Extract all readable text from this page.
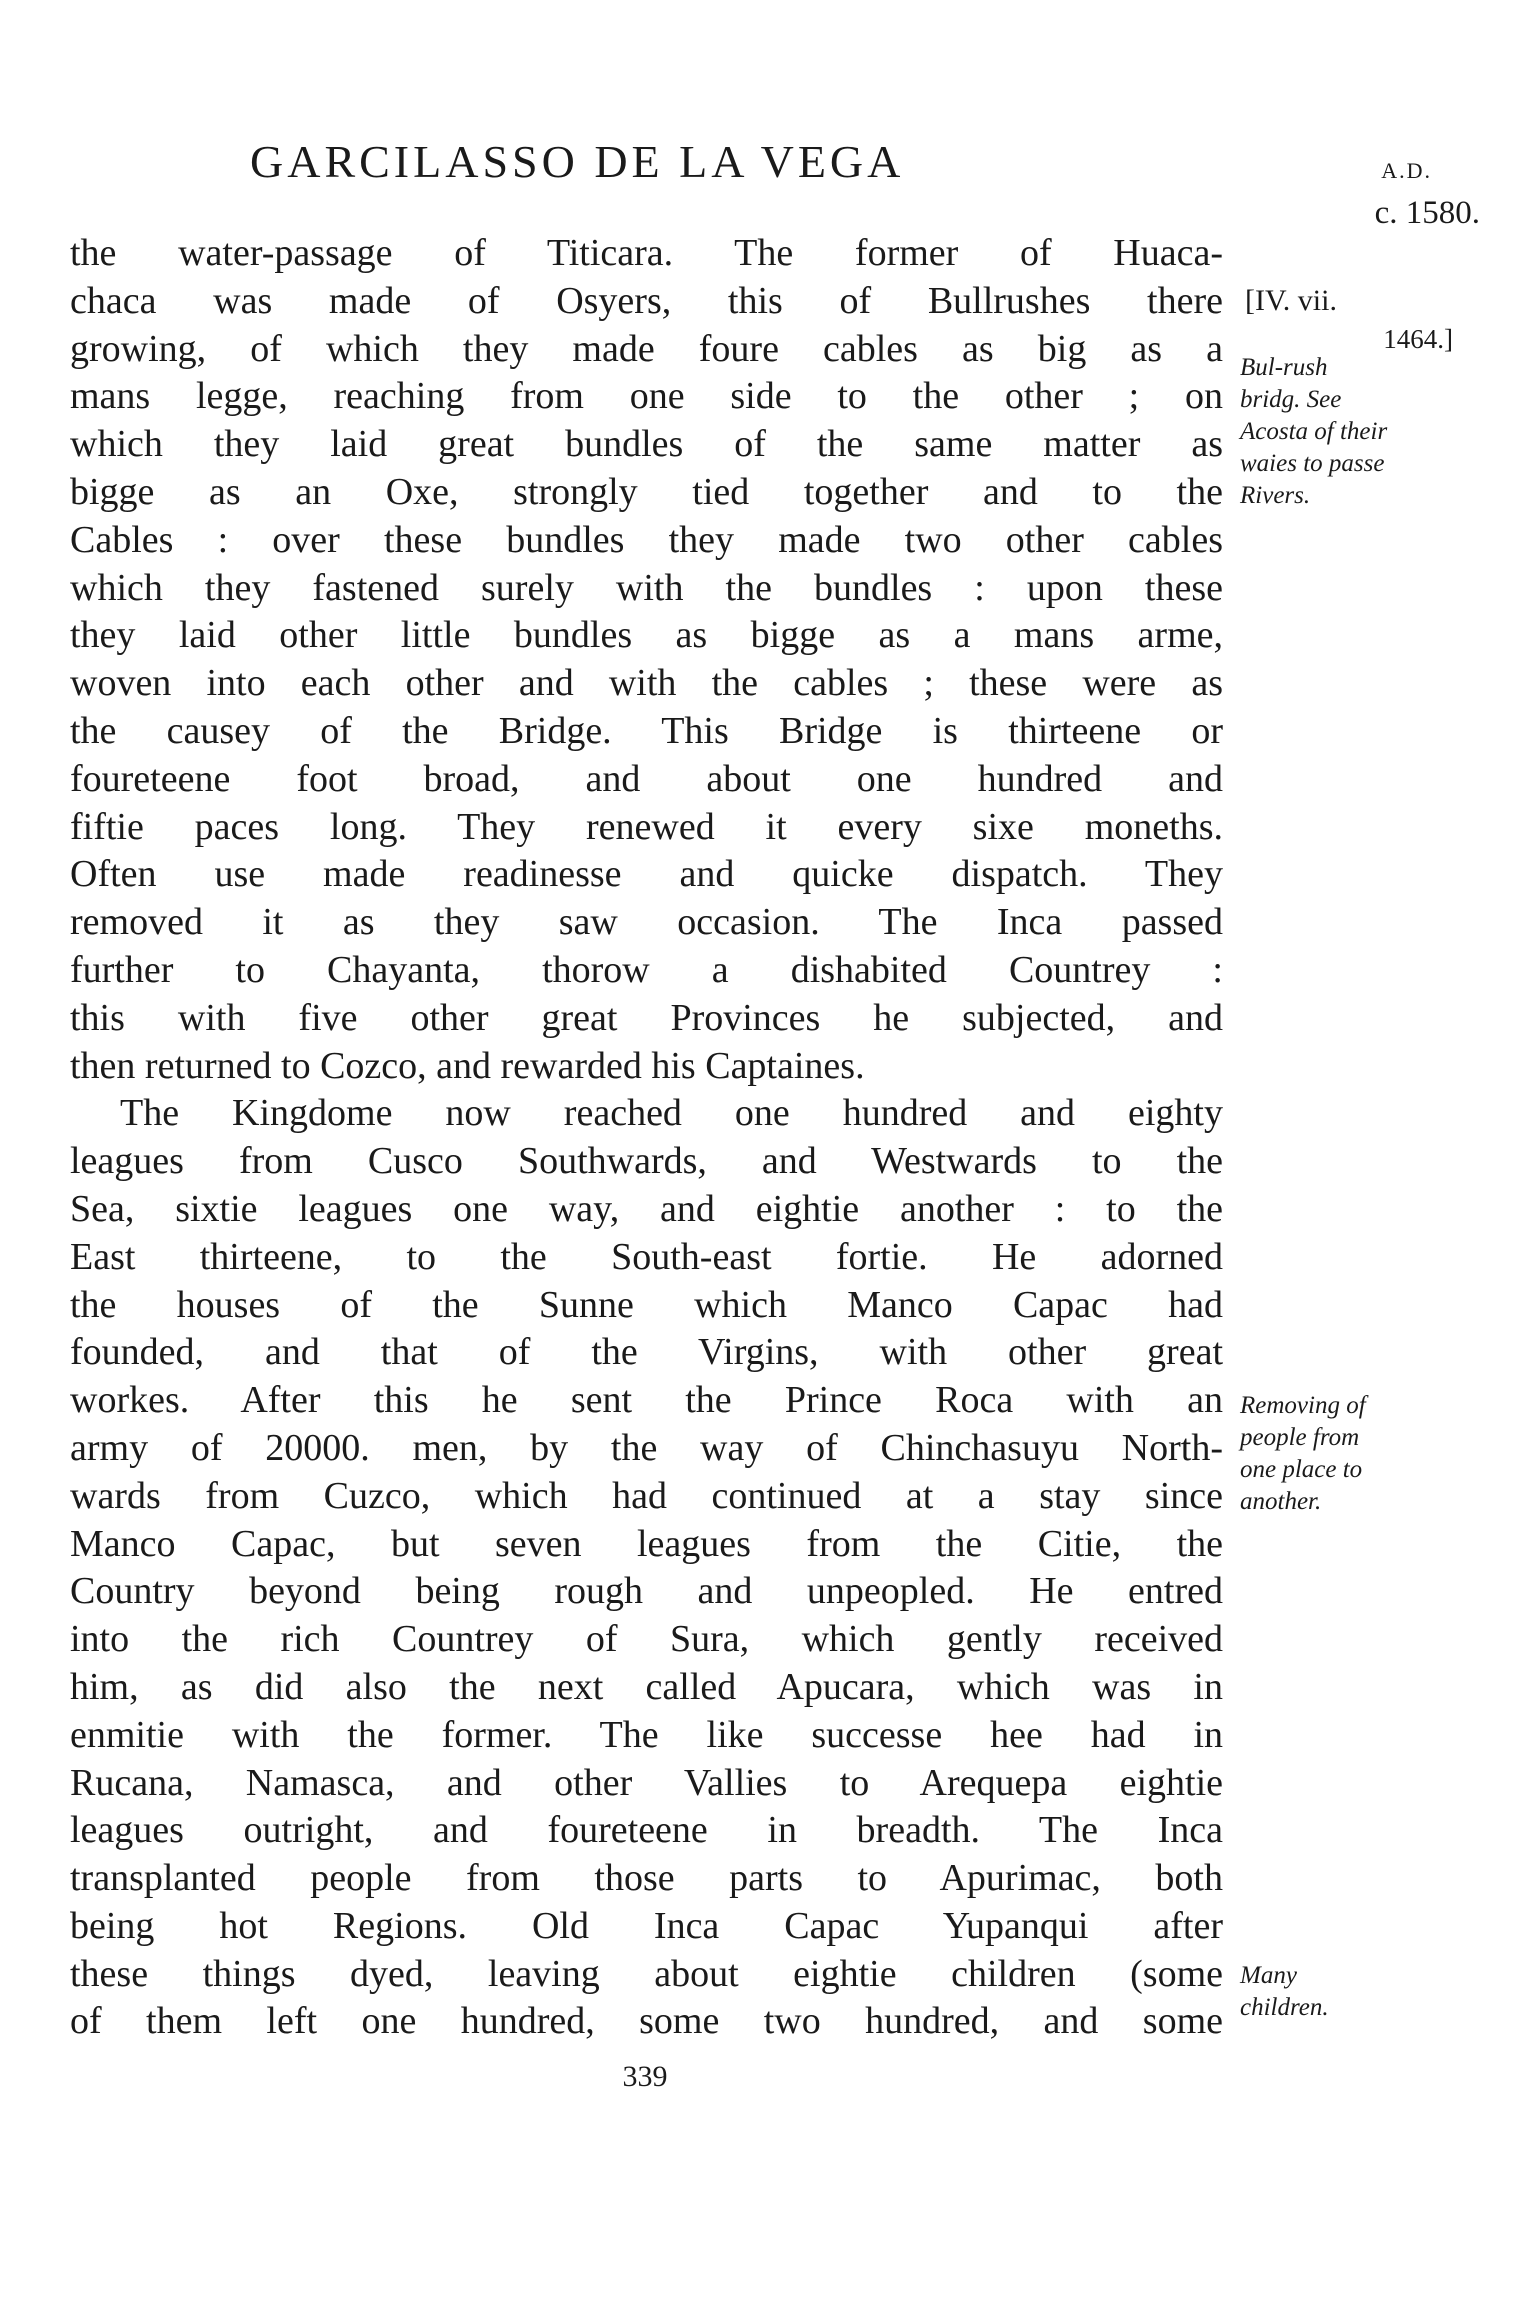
GARCILASSO DE LA VEGA	A.D.
c. 1580.
[IV. vii.
1464.]
Bul-rush
bridg. See
Acosta of their
waies to passe
Rivers.
Removing of
people from
one place to
another.
Many
children.
the water-passage of Titicara. The former of Huaca-
chaca was made of Osyers, this of Bullrushes there
growing, of which they made foure cables as big as a
mans legge, reaching from one side to the other ; on
which they laid great bundles of the same matter as
bigge as an Oxe, strongly tied together and to the
Cables : over these bundles they made two other cables
which they fastened surely with the bundles : upon these
they laid other little bundles as bigge as a mans arme,
woven into each other and with the cables ; these were as
the causey of the Bridge. This Bridge is thirteene or
foureteene foot broad, and about one hundred and
fiftie paces long. They renewed it every sixe moneths.
Often use made readinesse and quicke dispatch. They
removed it as they saw occasion. The Inca passed
further to Chayanta, thorow a dishabited Countrey :
this with five other great Provinces he subjected, and
then returned to Cozco, and rewarded his Captaines.
The Kingdome now reached one hundred and eighty
leagues from Cusco Southwards, and Westwards to the
Sea, sixtie leagues one way, and eightie another : to the
East thirteene, to the South-east fortie. He adorned
the houses of the Sunne which Manco Capac had
founded, and that of the Virgins, with other great
workes. After this he sent the Prince Roca with an
army of 20000. men, by the way of Chinchasuyu North-
wards from Cuzco, which had continued at a stay since
Manco Capac, but seven leagues from the Citie, the
Country beyond being rough and unpeopled. He entred
into the rich Countrey of Sura, which gently received
him, as did also the next called Apucara, which was in
enmitie with the former. The like successe hee had in
Rucana, Namasca, and other Vallies to Arequepa eightie
leagues outright, and foureteene in breadth. The Inca
transplanted people from those parts to Apurimac, both
being hot Regions. Old Inca Capac Yupanqui after
these things dyed, leaving about eightie children (some
of them left one hundred, some two hundred, and some
339
